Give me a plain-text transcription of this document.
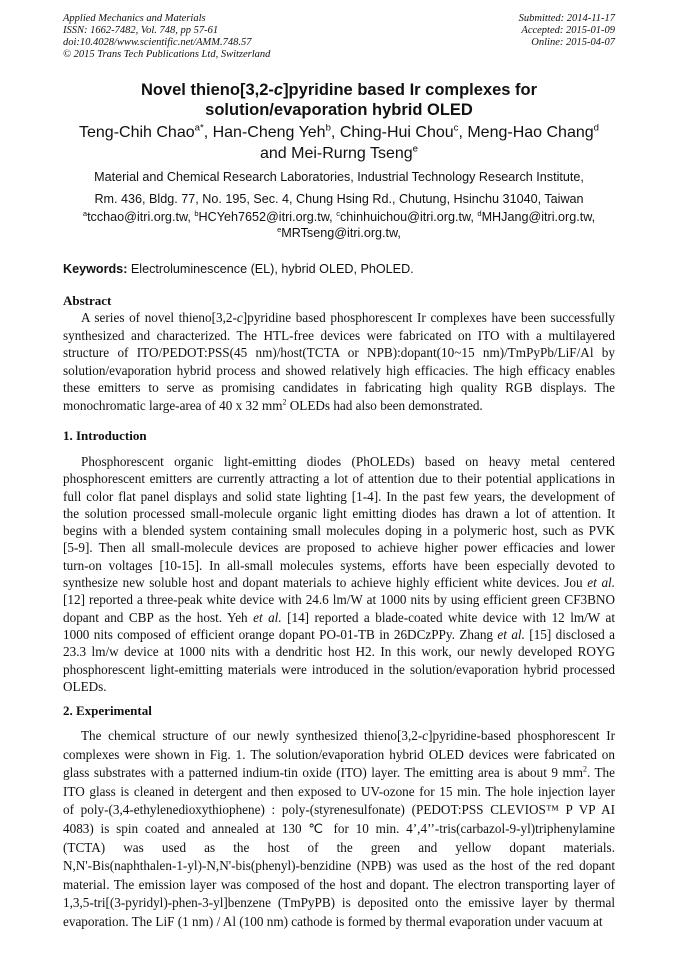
Applied Mechanics and Materials
ISSN: 1662-7482, Vol. 748, pp 57-61
doi:10.4028/www.scientific.net/AMM.748.57
© 2015 Trans Tech Publications Ltd, Switzerland
Submitted: 2014-11-17
Accepted: 2015-01-09
Online: 2015-04-07
Novel thieno[3,2-c]pyridine based Ir complexes for
solution/evaporation hybrid OLED
Teng-Chih Chao$^{a*}$, Han-Cheng Yeh$^b$, Ching-Hui Chou$^c$, Meng-Hao Chang$^d$
and Mei-Rurng Tseng$^e$
Material and Chemical Research Laboratories, Industrial Technology Research Institute,
Rm. 436, Bldg. 77, No. 195, Sec. 4, Chung Hsing Rd., Chutung, Hsinchu 31040, Taiwan
$^a$tcchao@itri.org.tw, $^b$HCYeh7652@itri.org.tw, $^c$chinhuichou@itri.org.tw, $^d$MHJang@itri.org.tw,
$^e$MRTseng@itri.org.tw,
Keywords: Electroluminescence (EL), hybrid OLED, PhOLED.
Abstract
A series of novel thieno[3,2-c]pyridine based phosphorescent Ir complexes have been successfully
synthesized and characterized. The HTL-free devices were fabricated on ITO with a multilayered
structure of ITO/PEDOT:PSS(45 nm)/host(TCTA or NPB):dopant(10~15 nm)/TmPyPb/LiF/Al by
solution/evaporation hybrid process and showed relatively high efficacies. The high efficacy enables
these emitters to serve as promising candidates in fabricating high quality RGB displays. The
monochromatic large-area of 40 x 32 $mm^2$ OLEDs had also been demonstrated.
1. Introduction
Phosphorescent organic light-emitting diodes (PhOLEDs) based on heavy metal centered
phosphorescent emitters are currently attracting a lot of attention due to their potential applications in
full color flat panel displays and solid state lighting [1-4]. In the past few years, the development of
the solution processed small-molecule organic light emitting diodes has drawn a lot of attention. It
begins with a blended system containing small molecules doping in a polymeric host, such as PVK
[5-9]. Then all small-molecule devices are proposed to achieve higher power efficacies and lower
turn-on voltages [10-15]. In all-small molecules systems, efforts have been especially devoted to
synthesize new soluble host and dopant materials to achieve highly efficient white devices. Jou et al.
[12] reported a three-peak white device with 24.6 lm/W at 1000 nits by using efficient green CF3BNO
dopant and CBP as the host. Yeh et al. [14] reported a blade-coated white device with 12 lm/W at
1000 nits composed of efficient orange dopant PO-01-TB in 26DCzPPy. Zhang et al. [15] disclosed a
23.3 lm/w device at 1000 nits with a dendritic host H2. In this work, our newly developed ROYG
phosphorescent light-emitting materials were introduced in the solution/evaporation hybrid processed
OLEDs.
2. Experimental
The chemical structure of our newly synthesized thieno[3,2-c]pyridine-based phosphorescent Ir
complexes were shown in Fig. 1. The solution/evaporation hybrid OLED devices were fabricated on
glass substrates with a patterned indium-tin oxide (ITO) layer. The emitting area is about 9 $mm^2$. The
ITO glass is cleaned in detergent and then exposed to UV-ozone for 15 min. The hole injection layer
of poly-(3,4-ethylenedioxythiophene) : poly-(styrenesulfonate) (PEDOT:PSS CLEVIOS™ P VP AI
4083) is spin coated and annealed at 130 ℃ for 10 min. 4’,4’’-tris(carbazol-9-yl)triphenylamine
(TCTA) was used as the host of the green and yellow dopant materials.
N,N'-Bis(naphthalen-1-yl)-N,N'-bis(phenyl)-benzidine (NPB) was used as the host of the red dopant
material. The emission layer was composed of the host and dopant. The electron transporting layer of
1,3,5-tri[(3-pyridyl)-phen-3-yl]benzene (TmPyPB) is deposited onto the emissive layer by thermal
evaporation. The LiF (1 nm) / Al (100 nm) cathode is formed by thermal evaporation under vacuum at
